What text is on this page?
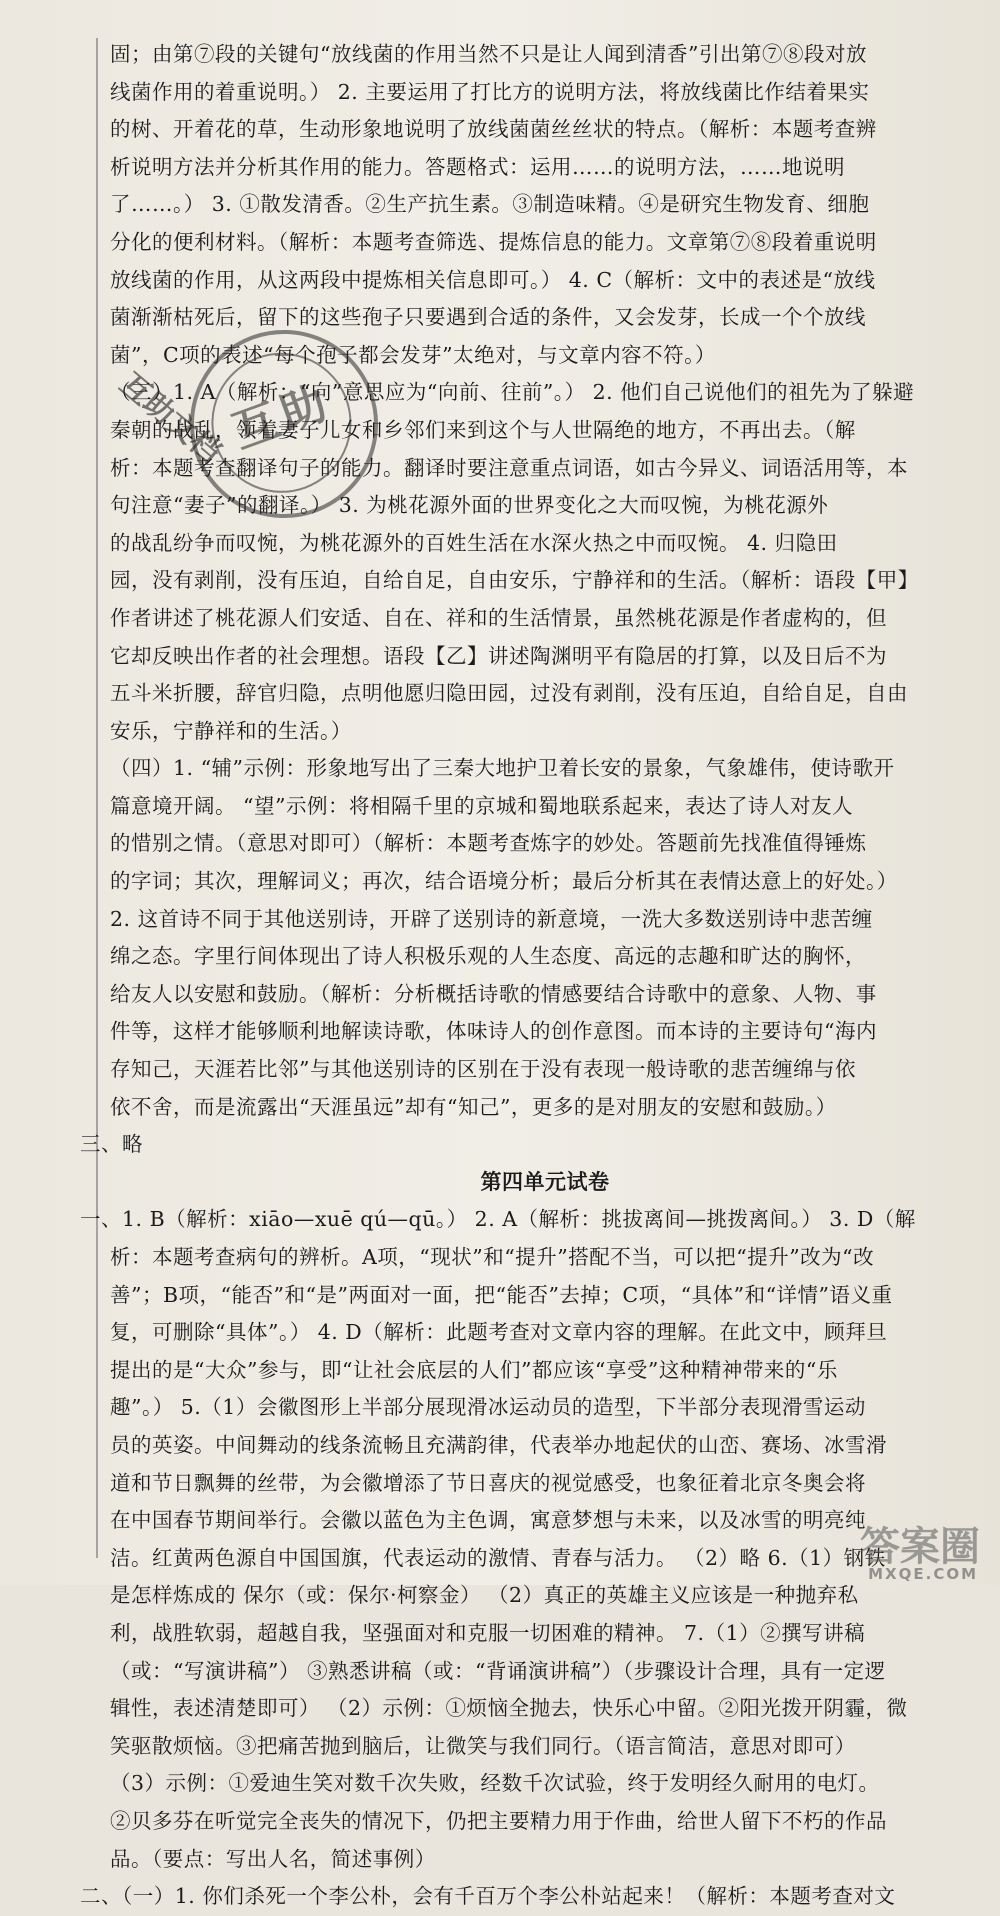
固；由第⑦段的关键句“放线菌的作用当然不只是让人闻到清香”引出第⑦⑧段对放

线菌作用的着重说明。） 2. 主要运用了打比方的说明方法，将放线菌比作结着果实

的树、开着花的草，生动形象地说明了放线菌菌丝丝状的特点。（解析：本题考查辨

析说明方法并分析其作用的能力。答题格式：运用……的说明方法，……地说明

了……。） 3. ①散发清香。②生产抗生素。③制造味精。④是研究生物发育、细胞

分化的便利材料。（解析：本题考查筛选、提炼信息的能力。文章第⑦⑧段着重说明

放线菌的作用，从这两段中提炼相关信息即可。） 4. C（解析：文中的表述是“放线

菌渐渐枯死后，留下的这些孢子只要遇到合适的条件，又会发芽，长成一个个放线

菌”，C项的表述“每个孢子都会发芽”太绝对，与文章内容不符。）

（三）1. A（解析：“向”意思应为“向前、往前”。） 2. 他们自己说他们的祖先为了躲避

秦朝的战乱，领着妻子儿女和乡邻们来到这个与人世隔绝的地方，不再出去。（解

析：本题考查翻译句子的能力。翻译时要注意重点词语，如古今异义、词语活用等，本

句注意“妻子”的翻译。） 3. 为桃花源外面的世界变化之大而叹惋，为桃花源外

的战乱纷争而叹惋，为桃花源外的百姓生活在水深火热之中而叹惋。 4. 归隐田

园，没有剥削，没有压迫，自给自足，自由安乐，宁静祥和的生活。（解析：语段【甲】

作者讲述了桃花源人们安适、自在、祥和的生活情景，虽然桃花源是作者虚构的，但

它却反映出作者的社会理想。语段【乙】讲述陶渊明平有隐居的打算，以及日后不为

五斗米折腰，辞官归隐，点明他愿归隐田园，过没有剥削，没有压迫，自给自足，自由

安乐，宁静祥和的生活。）

（四）1. “辅”示例：形象地写出了三秦大地护卫着长安的景象，气象雄伟，使诗歌开

篇意境开阔。 “望”示例：将相隔千里的京城和蜀地联系起来，表达了诗人对友人

的惜别之情。（意思对即可）（解析：本题考查炼字的妙处。答题前先找准值得锤炼

的字词；其次，理解词义；再次，结合语境分析；最后分析其在表情达意上的好处。）

2. 这首诗不同于其他送别诗，开辟了送别诗的新意境，一洗大多数送别诗中悲苦缠

绵之态。字里行间体现出了诗人积极乐观的人生态度、高远的志趣和旷达的胸怀，

给友人以安慰和鼓励。（解析：分析概括诗歌的情感要结合诗歌中的意象、人物、事

件等，这样才能够顺利地解读诗歌，体味诗人的创作意图。而本诗的主要诗句“海内

存知己，天涯若比邻”与其他送别诗的区别在于没有表现一般诗歌的悲苦缠绵与依

依不舍，而是流露出“天涯虽远”却有“知己”，更多的是对朋友的安慰和鼓励。）

三、略

第四单元试卷

一、1. B（解析：xiāo—xuē qú—qū。） 2. A（解析：挑拔离间—挑拨离间。） 3. D（解

析：本题考查病句的辨析。A项，“现状”和“提升”搭配不当，可以把“提升”改为“改

善”；B项，“能否”和“是”两面对一面，把“能否”去掉；C项，“具体”和“详情”语义重

复，可删除“具体”。） 4. D（解析：此题考查对文章内容的理解。在此文中，顾拜旦

提出的是“大众”参与，即“让社会底层的人们”都应该“享受”这种精神带来的“乐

趣”。） 5.（1）会徽图形上半部分展现滑冰运动员的造型，下半部分表现滑雪运动

员的英姿。中间舞动的线条流畅且充满韵律，代表举办地起伏的山峦、赛场、冰雪滑

道和节日飘舞的丝带，为会徽增添了节日喜庆的视觉感受，也象征着北京冬奥会将

在中国春节期间举行。会徽以蓝色为主色调，寓意梦想与未来，以及冰雪的明亮纯

洁。红黄两色源自中国国旗，代表运动的激情、青春与活力。 （2）略 6.（1）钢铁

是怎样炼成的 保尔（或：保尔·柯察金） （2）真正的英雄主义应该是一种抛弃私

利，战胜软弱，超越自我，坚强面对和克服一切困难的精神。 7.（1）②撰写讲稿

（或：“写演讲稿”） ③熟悉讲稿（或：“背诵演讲稿”）（步骤设计合理，具有一定逻

辑性，表述清楚即可） （2）示例：①烦恼全抛去，快乐心中留。②阳光拨开阴霾，微

笑驱散烦恼。③把痛苦抛到脑后，让微笑与我们同行。（语言简洁，意思对即可）

（3）示例：①爱迪生笑对数千次失败，经数千次试验，终于发明经久耐用的电灯。

②贝多芬在听觉完全丧失的情况下，仍把主要精力用于作曲，给世人留下不朽的作品

品。（要点：写出人名，简述事例）

二、（一）1. 你们杀死一个李公朴，会有千百万个李公朴站起来！（解析：本题考查对文

互助
互助文档
答案圈
MXQE.COM
